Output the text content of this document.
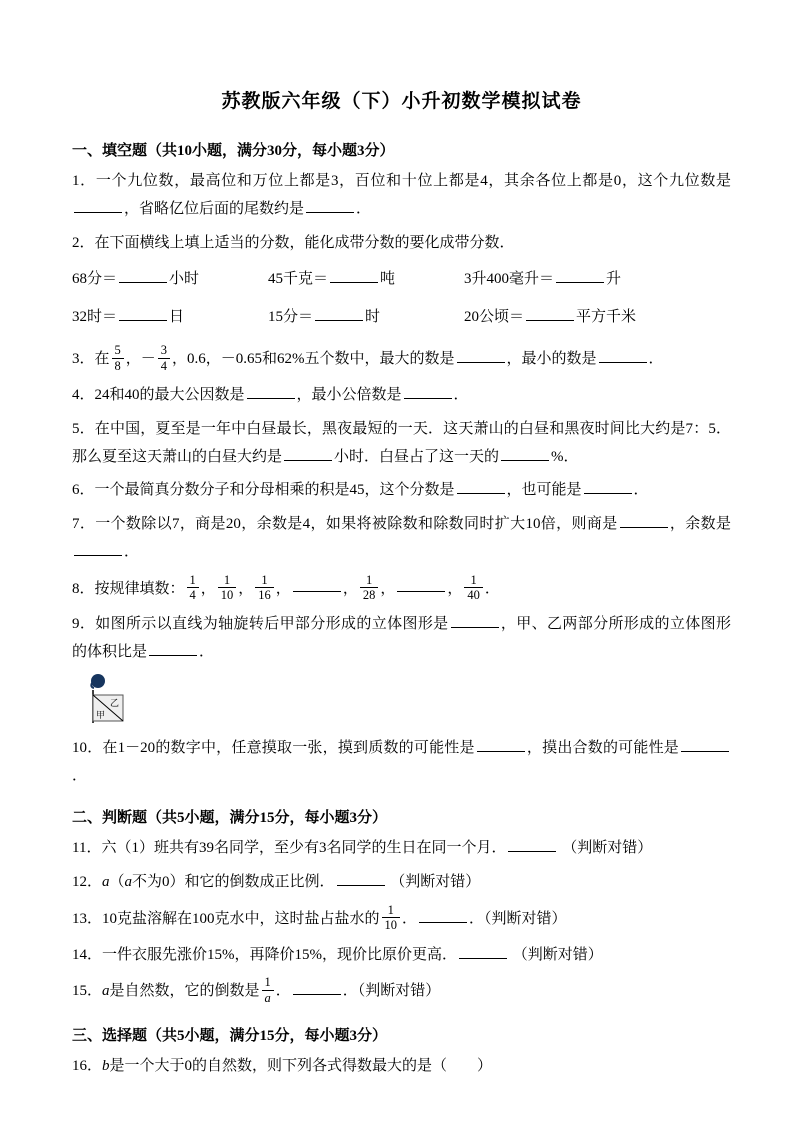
苏教版六年级（下）小升初数学模拟试卷

一、填空题（共10小题，满分30分，每小题3分）

1．一个九位数，最高位和万位上都是3，百位和十位上都是4，其余各位上都是0，这个九位数是，省略亿位后面的尾数约是	．

2．在下面横线上填上适当的分数，能化成带分数的要化成带分数．

68分＝	小时	45千克＝	吨	3升400毫升＝	升
32时＝	日	15分＝	时	20公顷＝	平方千米

3．在 $\frac{5}{8}$ ，－ $\frac{3}{4}$ ，0.6，－0.65和62%五个数中，最大的数是	，最小的数是	．

4．24和40的最大公因数是	，最小公倍数是	．

5．在中国，夏至是一年中白昼最长，黑夜最短的一天．这天萧山的白昼和黑夜时间比大约是7：5．那么夏至这天萧山的白昼大约是	小时．白昼占了这一天的	%．

6．一个最简真分数分子和分母相乘的积是45，这个分数是	，也可能是	．

7．一个数除以7，商是20，余数是4，如果将被除数和除数同时扩大10倍，则商是	，余数是．

8．按规律填数： $\frac{1}{4}$ ， $\frac{1}{10}$ ， $\frac{1}{16}$ ，	， $\frac{1}{28}$ ，	， $\frac{1}{40}$ ．

9．如图所示以直线为轴旋转后甲部分形成的立体图形是	，甲、乙两部分所形成的立体图形的体积比是	．

乙
甲

10．在1－20的数字中，任意摸取一张，摸到质数的可能性是	，摸出合数的可能性是．

二、判断题（共5小题，满分15分，每小题3分）

11．六（1）班共有39名同学，至少有3名同学的生日在同一个月．	（判断对错）

12．a（a不为0）和它的倒数成正比例．	（判断对错）

13．10克盐溶解在100克水中，这时盐占盐水的 $\frac{1}{10}$ ．	．（判断对错）

14．一件衣服先涨价15%，再降价15%，现价比原价更高．	（判断对错）

15．a是自然数，它的倒数是 $\frac{1}{a}$ ．	．（判断对错）

三、选择题（共5小题，满分15分，每小题3分）

16．b是一个大于0的自然数，则下列各式得数最大的是（　　）
